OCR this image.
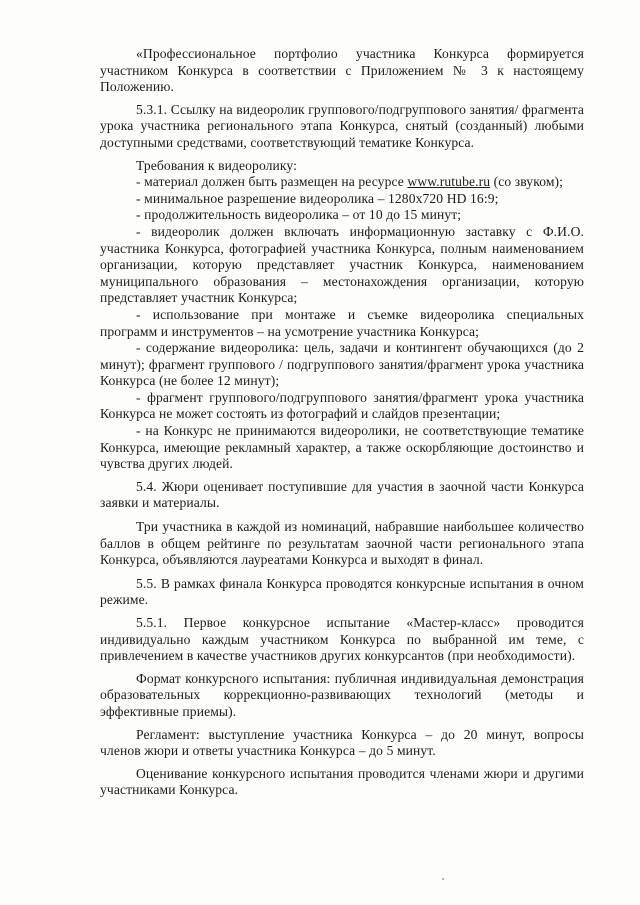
«Профессиональное портфолио участника Конкурса формируется участником Конкурса в соответствии с Приложением № 3 к настоящему Положению.

5.3.1. Ссылку на видеоролик группового/подгруппового занятия/ фрагмента урока участника регионального этапа Конкурса, снятый (созданный) любыми доступными средствами, соответствующий тематике Конкурса.

Требования к видеоролику:

- материал должен быть размещен на ресурсе www.rutube.ru (со звуком);

- минимальное разрешение видеоролика – 1280х720 HD 16:9;

- продолжительность видеоролика – от 10 до 15 минут;

- видеоролик должен включать информационную заставку с Ф.И.О. участника Конкурса, фотографией участника Конкурса, полным наименованием организации, которую представляет участник Конкурса, наименованием муниципального образования – местонахождения организации, которую представляет участник Конкурса;

- использование при монтаже и съемке видеоролика специальных программ и инструментов – на усмотрение участника Конкурса;

- содержание видеоролика: цель, задачи и контингент обучающихся (до 2 минут); фрагмент группового / подгруппового занятия/фрагмент урока участника Конкурса (не более 12 минут);

- фрагмент группового/подгруппового занятия/фрагмент урока участника Конкурса не может состоять из фотографий и слайдов презентации;

- на Конкурс не принимаются видеоролики, не соответствующие тематике Конкурса, имеющие рекламный характер, а также оскорбляющие достоинство и чувства других людей.

5.4. Жюри оценивает поступившие для участия в заочной части Конкурса заявки и материалы.

Три участника в каждой из номинаций, набравшие наибольшее количество баллов в общем рейтинге по результатам заочной части регионального этапа Конкурса, объявляются лауреатами Конкурса и выходят в финал.

5.5. В рамках финала Конкурса проводятся конкурсные испытания в очном режиме.

5.5.1. Первое конкурсное испытание «Мастер-класс» проводится индивидуально каждым участником Конкурса по выбранной им теме, с привлечением в качестве участников других конкурсантов (при необходимости).

Формат конкурсного испытания: публичная индивидуальная демонстрация образовательных коррекционно-развивающих технологий (методы и эффективные приемы).

Регламент: выступление участника Конкурса – до 20 минут, вопросы членов жюри и ответы участника Конкурса – до 5 минут.

Оценивание конкурсного испытания проводится членами жюри и другими участниками Конкурса.
